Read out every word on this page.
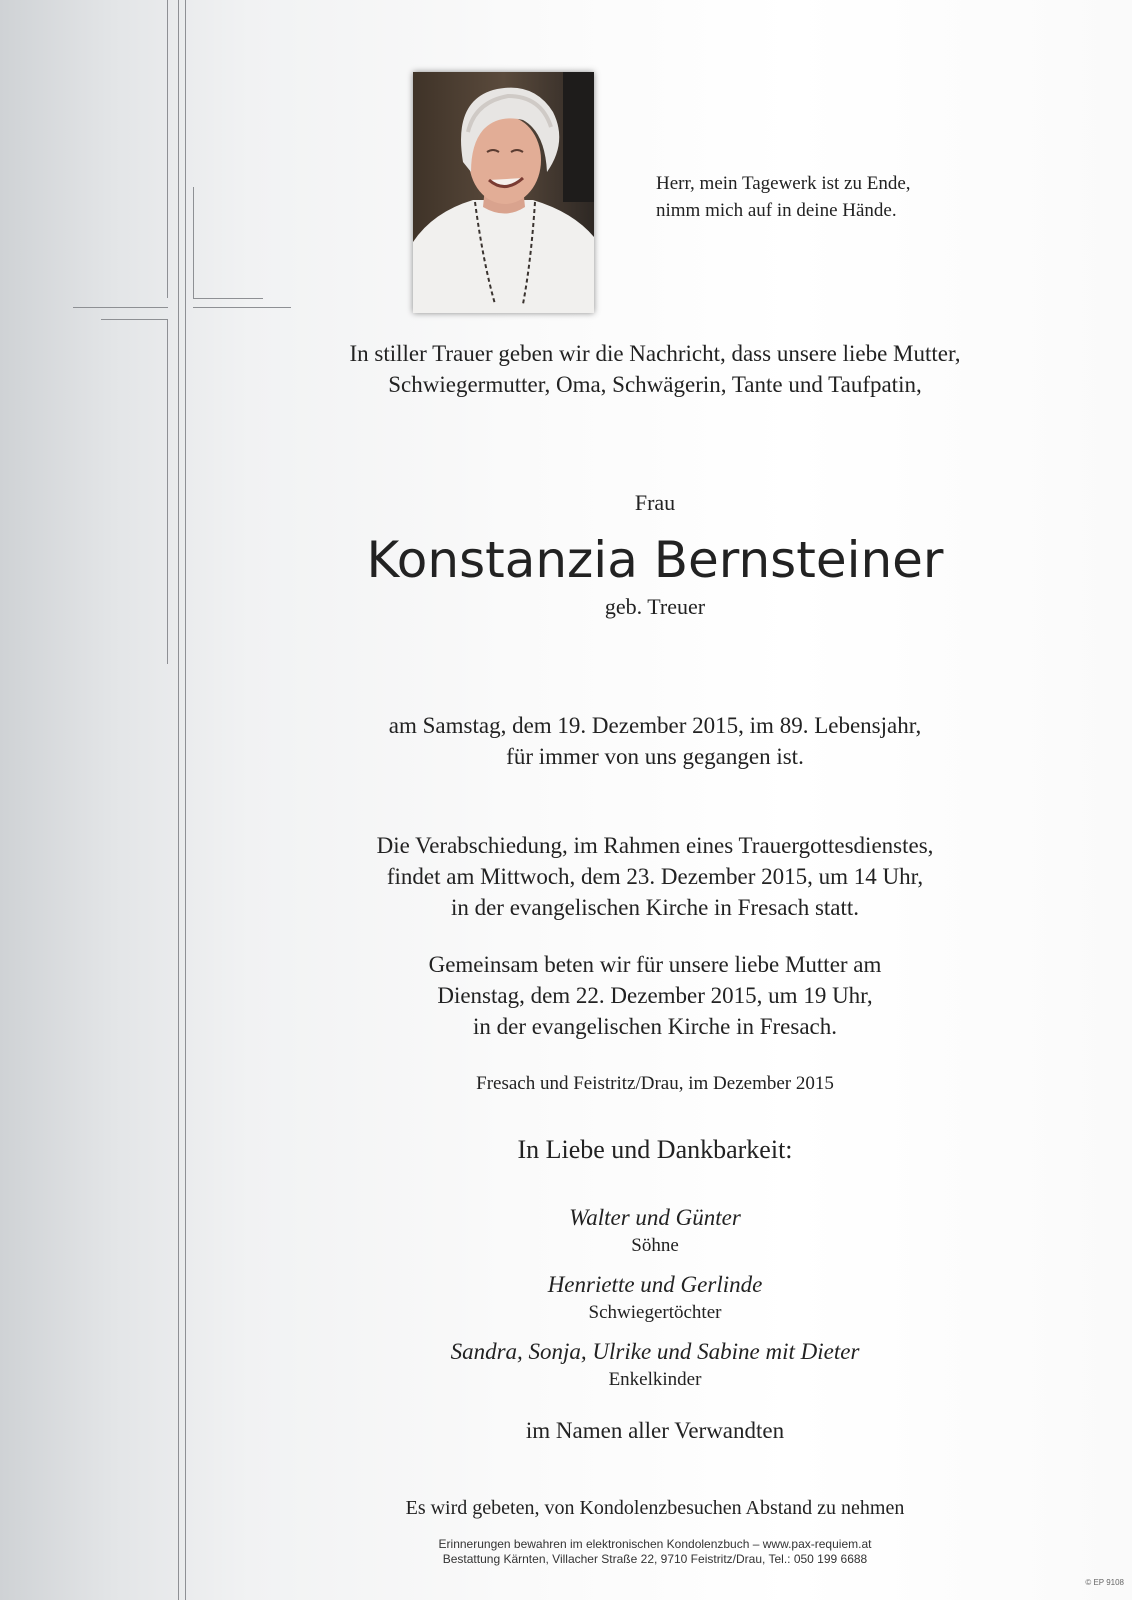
Herr, mein Tagewerk ist zu Ende,
nimm mich auf in deine Hände.
In stiller Trauer geben wir die Nachricht, dass unsere liebe Mutter,
Schwiegermutter, Oma, Schwägerin, Tante und Taufpatin,
Frau
Konstanzia Bernsteiner
geb. Treuer
am Samstag, dem 19. Dezember 2015, im 89. Lebensjahr,
für immer von uns gegangen ist.
Die Verabschiedung, im Rahmen eines Trauergottesdienstes,
findet am Mittwoch, dem 23. Dezember 2015, um 14 Uhr,
in der evangelischen Kirche in Fresach statt.
Gemeinsam beten wir für unsere liebe Mutter am
Dienstag, dem 22. Dezember 2015, um 19 Uhr,
in der evangelischen Kirche in Fresach.
Fresach und Feistritz/Drau, im Dezember 2015
In Liebe und Dankbarkeit:
Walter und Günter
Söhne
Henriette und Gerlinde
Schwiegertöchter
Sandra, Sonja, Ulrike und Sabine mit Dieter
Enkelkinder
im Namen aller Verwandten
Es wird gebeten, von Kondolenzbesuchen Abstand zu nehmen
Erinnerungen bewahren im elektronischen Kondolenzbuch – www.pax-requiem.at
Bestattung Kärnten, Villacher Straße 22, 9710 Feistritz/Drau, Tel.: 050 199 6688
© EP 9108
